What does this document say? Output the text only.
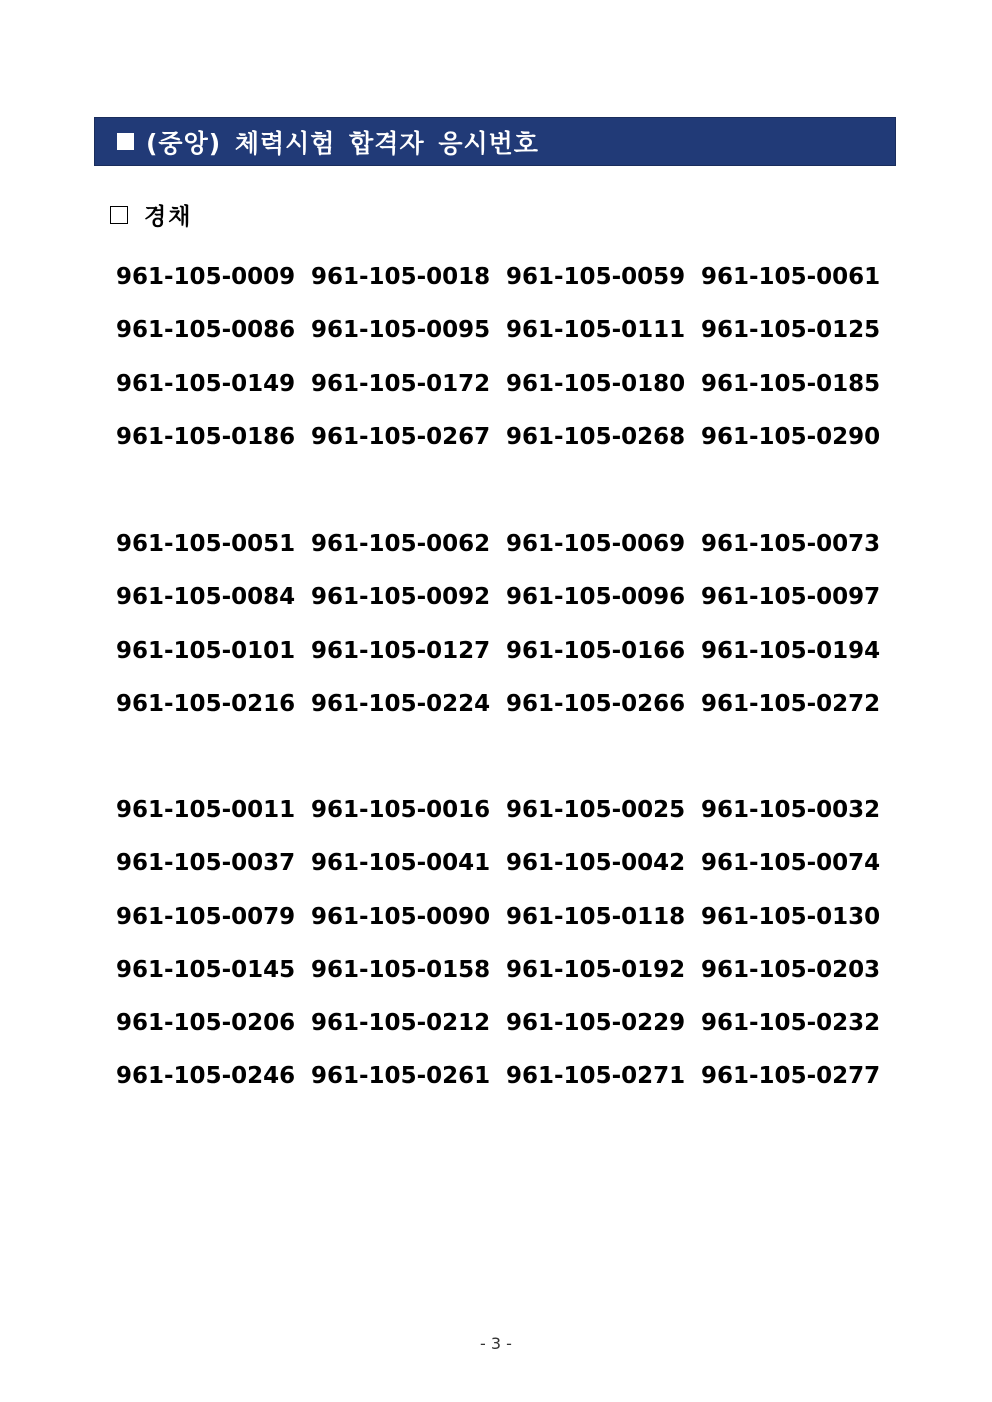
(중앙) 체력시험 합격자 응시번호
경채
961-105-0009 961-105-0018 961-105-0059 961-105-0061
961-105-0086 961-105-0095 961-105-0111 961-105-0125
961-105-0149 961-105-0172 961-105-0180 961-105-0185
961-105-0186 961-105-0267 961-105-0268 961-105-0290
961-105-0051 961-105-0062 961-105-0069 961-105-0073
961-105-0084 961-105-0092 961-105-0096 961-105-0097
961-105-0101 961-105-0127 961-105-0166 961-105-0194
961-105-0216 961-105-0224 961-105-0266 961-105-0272
961-105-0011 961-105-0016 961-105-0025 961-105-0032
961-105-0037 961-105-0041 961-105-0042 961-105-0074
961-105-0079 961-105-0090 961-105-0118 961-105-0130
961-105-0145 961-105-0158 961-105-0192 961-105-0203
961-105-0206 961-105-0212 961-105-0229 961-105-0232
961-105-0246 961-105-0261 961-105-0271 961-105-0277
- 3 -
